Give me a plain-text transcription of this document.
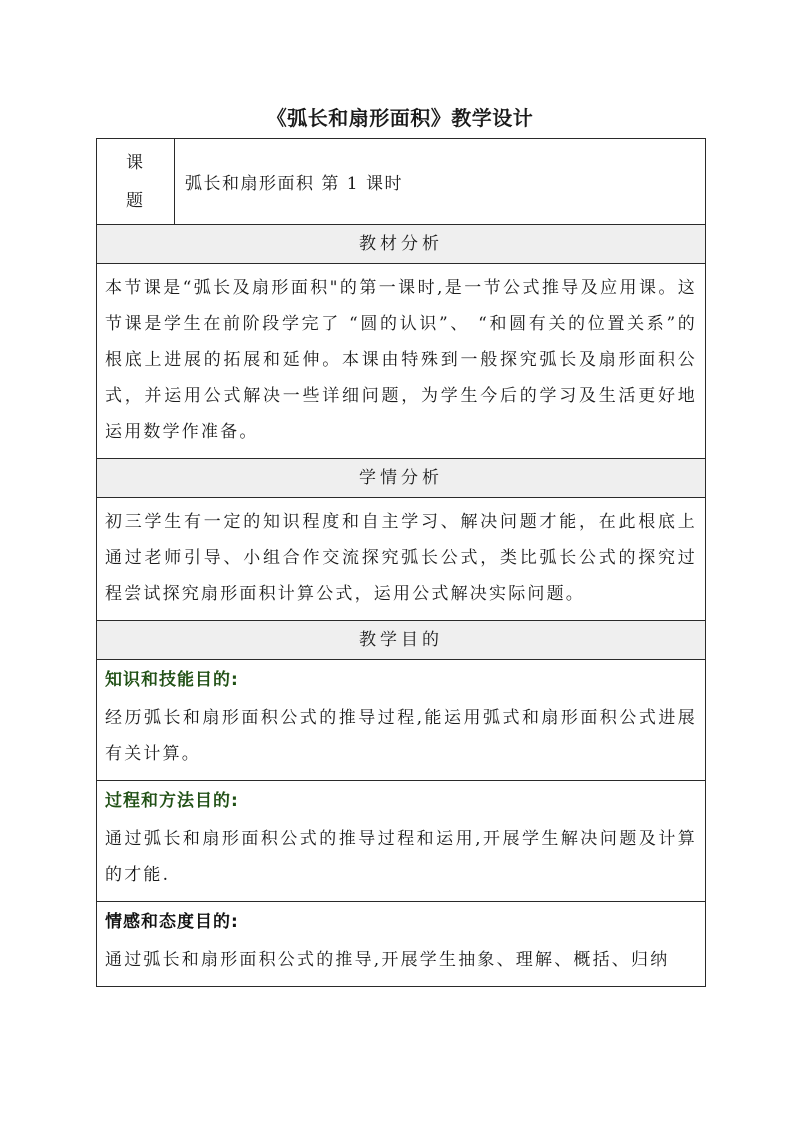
《弧长和扇形面积》教学设计
课
题
	弧长和扇形面积 第 1 课时
教材分析
本节课是“弧长及扇形面积"的第一课时,是一节公式推导及应用课。这节课是学生在前阶段学完了 “圆的认识”、 “和圆有关的位置关系”的根底上进展的拓展和延伸。本课由特殊到一般探究弧长及扇形面积公式，并运用公式解决一些详细问题，为学生今后的学习及生活更好地运用数学作准备。
学情分析
初三学生有一定的知识程度和自主学习、解决问题才能，在此根底上通过老师引导、小组合作交流探究弧长公式，类比弧长公式的探究过程尝试探究扇形面积计算公式，运用公式解决实际问题。
教学目的

知识和技能目的:
经历弧长和扇形面积公式的推导过程,能运用弧式和扇形面积公式进展有关计算。

过程和方法目的:
通过弧长和扇形面积公式的推导过程和运用,开展学生解决问题及计算的才能.

情感和态度目的:
通过弧长和扇形面积公式的推导,开展学生抽象、理解、概括、归纳
